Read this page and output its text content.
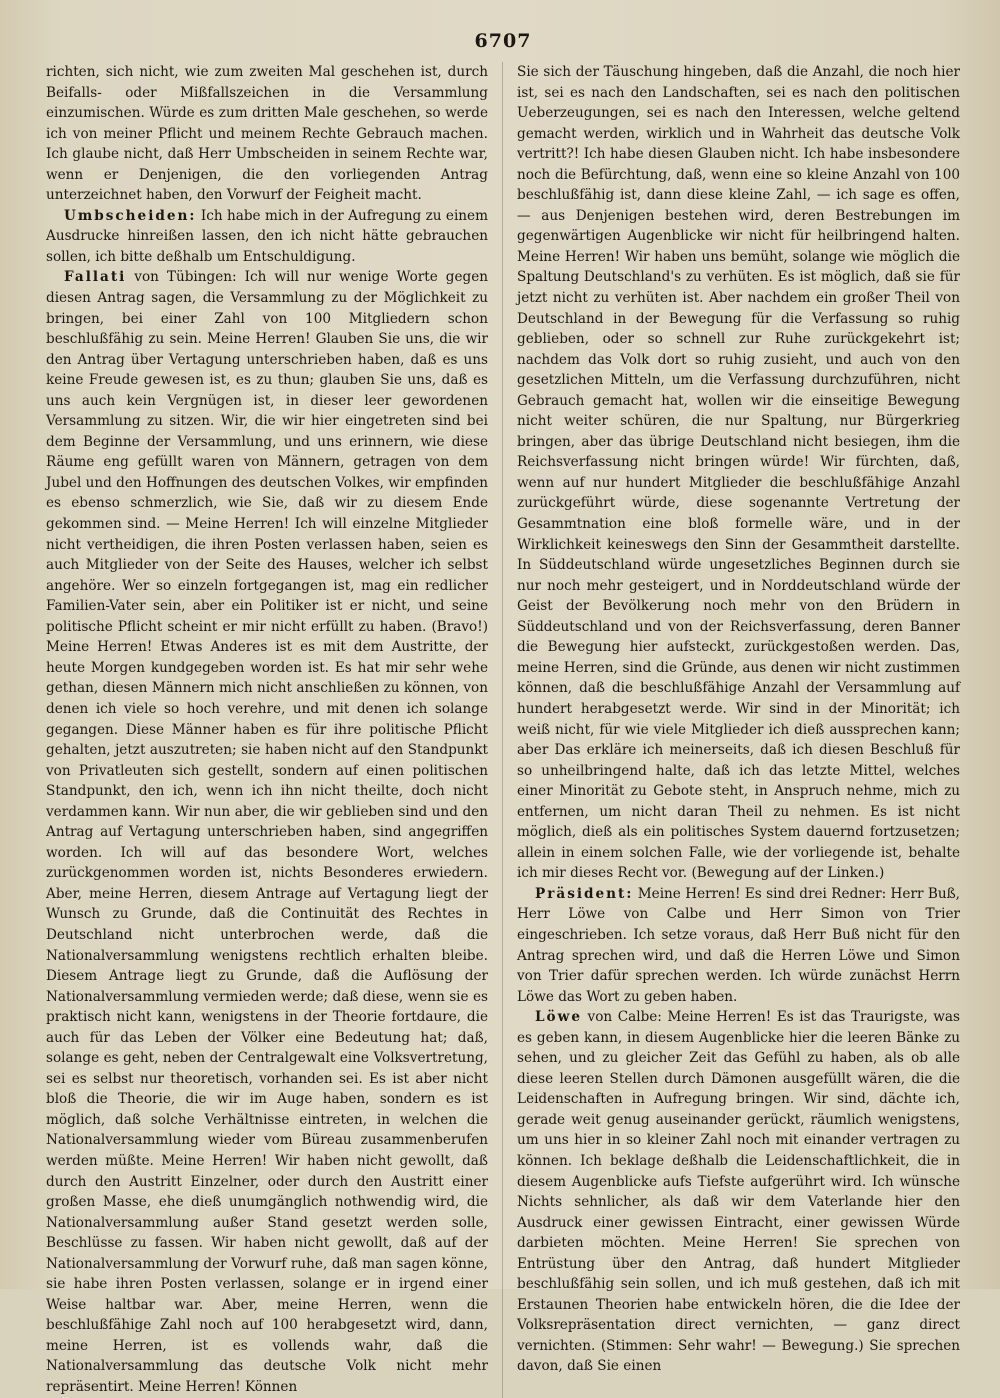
6707

richten, sich nicht, wie zum zweiten Mal geschehen ist, durch Beifalls- oder Mißfallszeichen in die Versammlung einzumischen. Würde es zum dritten Male geschehen, so werde ich von meiner Pflicht und meinem Rechte Gebrauch machen. Ich glaube nicht, daß Herr Umbscheiden in seinem Rechte war, wenn er Denjenigen, die den vorliegenden Antrag unterzeichnet haben, den Vorwurf der Feigheit macht.

Umbscheiden: Ich habe mich in der Aufregung zu einem Ausdrucke hinreißen lassen, den ich nicht hätte gebrauchen sollen, ich bitte deßhalb um Entschuldigung.

Fallati von Tübingen: Ich will nur wenige Worte gegen diesen Antrag sagen, die Versammlung zu der Möglichkeit zu bringen, bei einer Zahl von 100 Mitgliedern schon beschlußfähig zu sein. Meine Herren! Glauben Sie uns, die wir den Antrag über Vertagung unterschrieben haben, daß es uns keine Freude gewesen ist, es zu thun; glauben Sie uns, daß es uns auch kein Vergnügen ist, in dieser leer gewordenen Versammlung zu sitzen. Wir, die wir hier eingetreten sind bei dem Beginne der Versammlung, und uns erinnern, wie diese Räume eng gefüllt waren von Männern, getragen von dem Jubel und den Hoffnungen des deutschen Volkes, wir empfinden es ebenso schmerzlich, wie Sie, daß wir zu diesem Ende gekommen sind. — Meine Herren! Ich will einzelne Mitglieder nicht vertheidigen, die ihren Posten verlassen haben, seien es auch Mitglieder von der Seite des Hauses, welcher ich selbst angehöre. Wer so einzeln fortgegangen ist, mag ein redlicher Familien-Vater sein, aber ein Politiker ist er nicht, und seine politische Pflicht scheint er mir nicht erfüllt zu haben. (Bravo!) Meine Herren! Etwas Anderes ist es mit dem Austritte, der heute Morgen kundgegeben worden ist. Es hat mir sehr wehe gethan, diesen Männern mich nicht anschließen zu können, von denen ich viele so hoch verehre, und mit denen ich solange gegangen. Diese Männer haben es für ihre politische Pflicht gehalten, jetzt auszutreten; sie haben nicht auf den Standpunkt von Privatleuten sich gestellt, sondern auf einen politischen Standpunkt, den ich, wenn ich ihn nicht theilte, doch nicht verdammen kann. Wir nun aber, die wir geblieben sind und den Antrag auf Vertagung unterschrieben haben, sind angegriffen worden. Ich will auf das besondere Wort, welches zurückgenommen worden ist, nichts Besonderes erwiedern. Aber, meine Herren, diesem Antrage auf Vertagung liegt der Wunsch zu Grunde, daß die Continuität des Rechtes in Deutschland nicht unterbrochen werde, daß die Nationalversammlung wenigstens rechtlich erhalten bleibe. Diesem Antrage liegt zu Grunde, daß die Auflösung der Nationalversammlung vermieden werde; daß diese, wenn sie es praktisch nicht kann, wenigstens in der Theorie fortdaure, die auch für das Leben der Völker eine Bedeutung hat; daß, solange es geht, neben der Centralgewalt eine Volksvertretung, sei es selbst nur theoretisch, vorhanden sei. Es ist aber nicht bloß die Theorie, die wir im Auge haben, sondern es ist möglich, daß solche Verhältnisse eintreten, in welchen die Nationalversammlung wieder vom Büreau zusammenberufen werden müßte. Meine Herren! Wir haben nicht gewollt, daß durch den Austritt Einzelner, oder durch den Austritt einer großen Masse, ehe dieß unumgänglich nothwendig wird, die Nationalversammlung außer Stand gesetzt werden solle, Beschlüsse zu fassen. Wir haben nicht gewollt, daß auf der Nationalversammlung der Vorwurf ruhe, daß man sagen könne, sie habe ihren Posten verlassen, solange er in irgend einer Weise haltbar war. Aber, meine Herren, wenn die beschlußfähige Zahl noch auf 100 herabgesetzt wird, dann, meine Herren, ist es vollends wahr, daß die Nationalversammlung das deutsche Volk nicht mehr repräsentirt. Meine Herren! Können

Sie sich der Täuschung hingeben, daß die Anzahl, die noch hier ist, sei es nach den Landschaften, sei es nach den politischen Ueberzeugungen, sei es nach den Interessen, welche geltend gemacht werden, wirklich und in Wahrheit das deutsche Volk vertritt?! Ich habe diesen Glauben nicht. Ich habe insbesondere noch die Befürchtung, daß, wenn eine so kleine Anzahl von 100 beschlußfähig ist, dann diese kleine Zahl, — ich sage es offen, — aus Denjenigen bestehen wird, deren Bestrebungen im gegenwärtigen Augenblicke wir nicht für heilbringend halten. Meine Herren! Wir haben uns bemüht, solange wie möglich die Spaltung Deutschland's zu verhüten. Es ist möglich, daß sie für jetzt nicht zu verhüten ist. Aber nachdem ein großer Theil von Deutschland in der Bewegung für die Verfassung so ruhig geblieben, oder so schnell zur Ruhe zurückgekehrt ist; nachdem das Volk dort so ruhig zusieht, und auch von den gesetzlichen Mitteln, um die Verfassung durchzuführen, nicht Gebrauch gemacht hat, wollen wir die einseitige Bewegung nicht weiter schüren, die nur Spaltung, nur Bürgerkrieg bringen, aber das übrige Deutschland nicht besiegen, ihm die Reichsverfassung nicht bringen würde! Wir fürchten, daß, wenn auf nur hundert Mitglieder die beschlußfähige Anzahl zurückgeführt würde, diese sogenannte Vertretung der Gesammtnation eine bloß formelle wäre, und in der Wirklichkeit keineswegs den Sinn der Gesammtheit darstellte. In Süddeutschland würde ungesetzliches Beginnen durch sie nur noch mehr gesteigert, und in Norddeutschland würde der Geist der Bevölkerung noch mehr von den Brüdern in Süddeutschland und von der Reichsverfassung, deren Banner die Bewegung hier aufsteckt, zurückgestoßen werden. Das, meine Herren, sind die Gründe, aus denen wir nicht zustimmen können, daß die beschlußfähige Anzahl der Versammlung auf hundert herabgesetzt werde. Wir sind in der Minorität; ich weiß nicht, für wie viele Mitglieder ich dieß aussprechen kann; aber Das erkläre ich meinerseits, daß ich diesen Beschluß für so unheilbringend halte, daß ich das letzte Mittel, welches einer Minorität zu Gebote steht, in Anspruch nehme, mich zu entfernen, um nicht daran Theil zu nehmen. Es ist nicht möglich, dieß als ein politisches System dauernd fortzusetzen; allein in einem solchen Falle, wie der vorliegende ist, behalte ich mir dieses Recht vor. (Bewegung auf der Linken.)

Präsident: Meine Herren! Es sind drei Redner: Herr Buß, Herr Löwe von Calbe und Herr Simon von Trier eingeschrieben. Ich setze voraus, daß Herr Buß nicht für den Antrag sprechen wird, und daß die Herren Löwe und Simon von Trier dafür sprechen werden. Ich würde zunächst Herrn Löwe das Wort zu geben haben.

Löwe von Calbe: Meine Herren! Es ist das Traurigste, was es geben kann, in diesem Augenblicke hier die leeren Bänke zu sehen, und zu gleicher Zeit das Gefühl zu haben, als ob alle diese leeren Stellen durch Dämonen ausgefüllt wären, die die Leidenschaften in Aufregung bringen. Wir sind, dächte ich, gerade weit genug auseinander gerückt, räumlich wenigstens, um uns hier in so kleiner Zahl noch mit einander vertragen zu können. Ich beklage deßhalb die Leidenschaftlichkeit, die in diesem Augenblicke aufs Tiefste aufgerührt wird. Ich wünsche Nichts sehnlicher, als daß wir dem Vaterlande hier den Ausdruck einer gewissen Eintracht, einer gewissen Würde darbieten möchten. Meine Herren! Sie sprechen von Entrüstung über den Antrag, daß hundert Mitglieder beschlußfähig sein sollen, und ich muß gestehen, daß ich mit Erstaunen Theorien habe entwickeln hören, die die Idee der Volksrepräsentation direct vernichten, — ganz direct vernichten. (Stimmen: Sehr wahr! — Bewegung.) Sie sprechen davon, daß Sie einen
